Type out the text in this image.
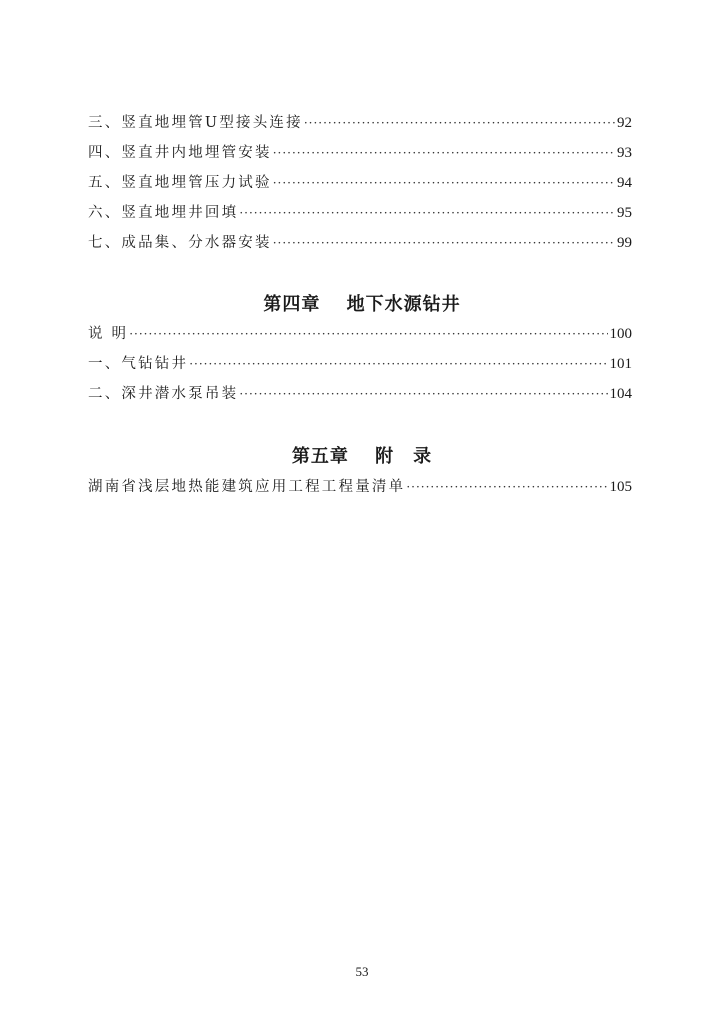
三、竖直地埋管U型接头连接 ·····	92
四、竖直井内地埋管安装 ·····	93
五、竖直地埋管压力试验 ·····	94
六、竖直地埋井回填 ·····	95
七、成品集、分水器安装 ·····	99
第四章　 地下水源钻井
说 明 ·····	100
一、气钻钻井 ·····	101
二、深井潜水泵吊装 ·····	104
第五章　 附　录
湖南省浅层地热能建筑应用工程工程量清单 ·····	105
53
